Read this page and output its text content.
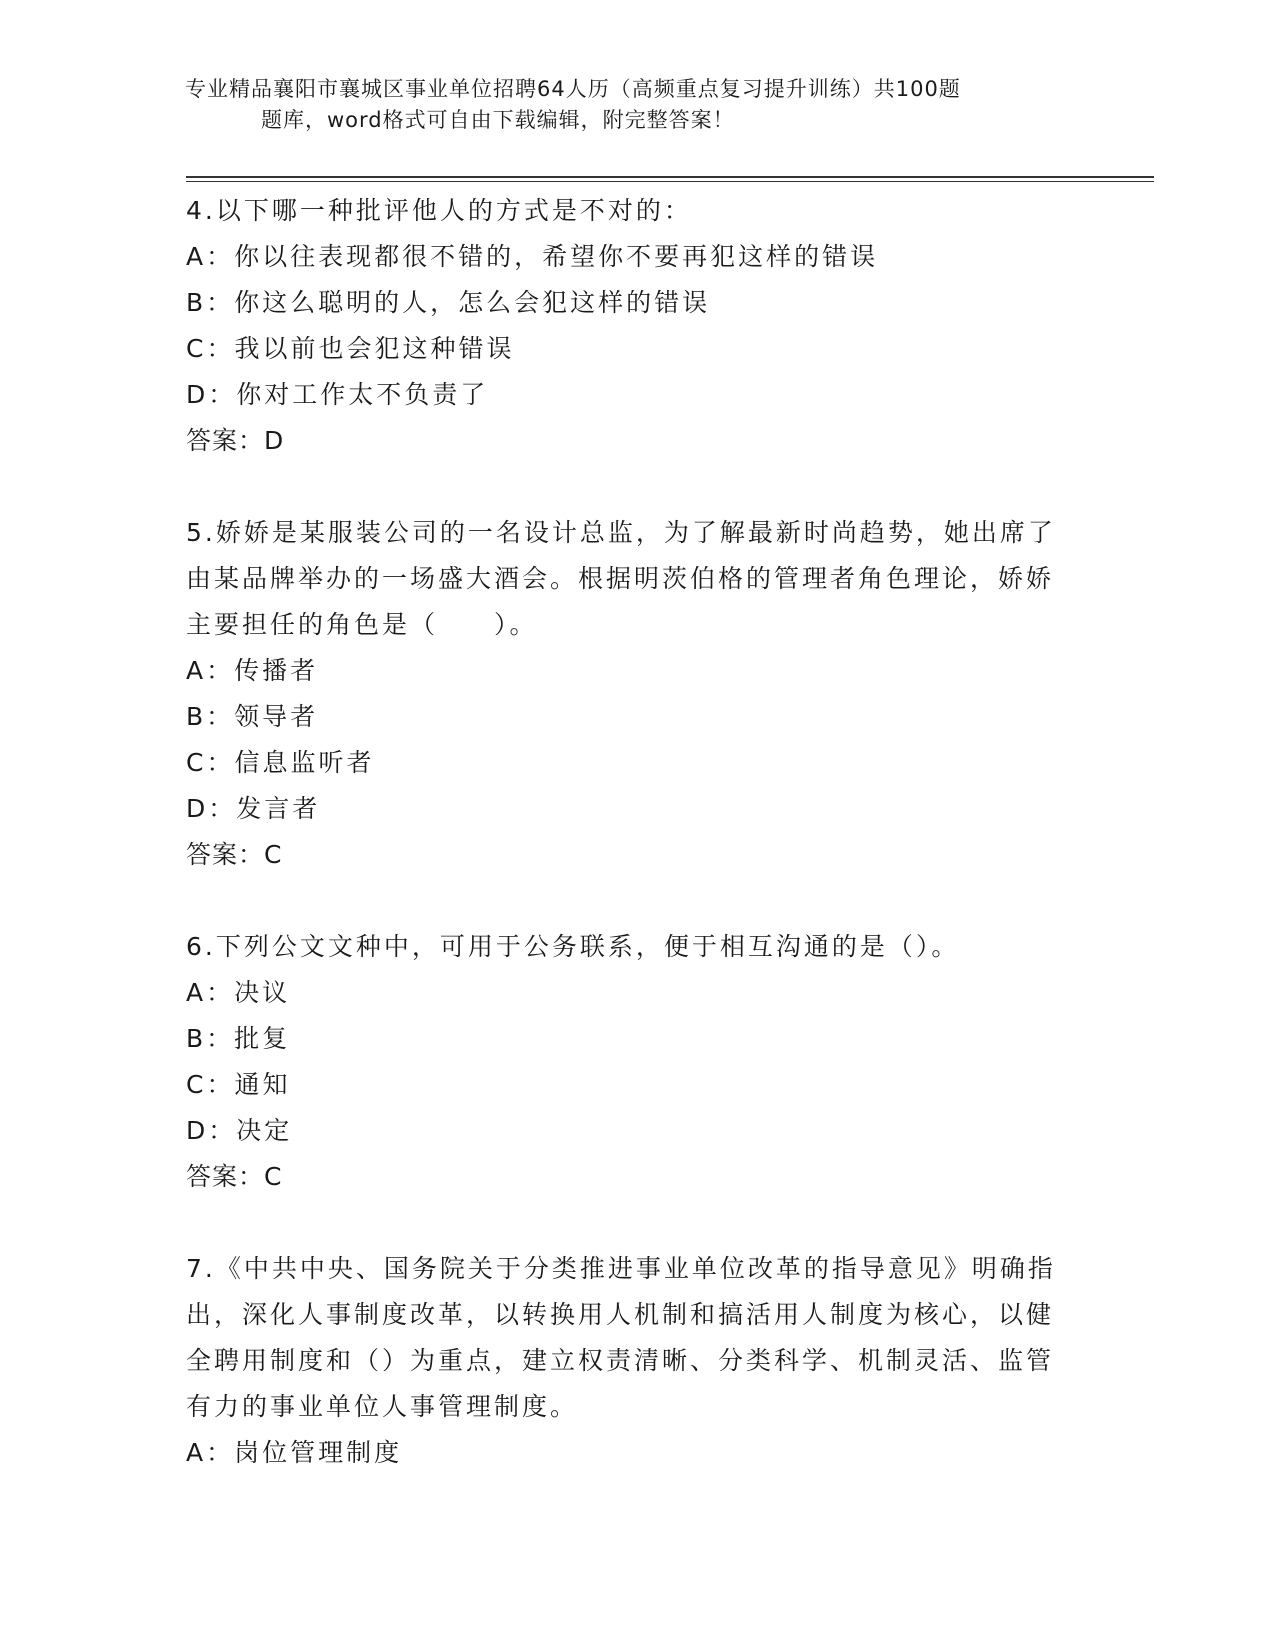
专业精品襄阳市襄城区事业单位招聘64人历（高频重点复习提升训练）共100题
题库，word格式可自由下载编辑，附完整答案！

4.以下哪一种批评他人的方式是不对的：

A：你以往表现都很不错的，希望你不要再犯这样的错误

B：你这么聪明的人，怎么会犯这样的错误

C：我以前也会犯这种错误

D：你对工作太不负责了

答案：D

5.娇娇是某服装公司的一名设计总监，为了解最新时尚趋势，她出席了由某品牌举办的一场盛大酒会。根据明茨伯格的管理者角色理论，娇娇主要担任的角色是（　　）。

A：传播者

B：领导者

C：信息监听者

D：发言者

答案：C

6.下列公文文种中，可用于公务联系，便于相互沟通的是（）。

A：决议

B：批复

C：通知

D：决定

答案：C

7.《中共中央、国务院关于分类推进事业单位改革的指导意见》明确指出，深化人事制度改革，以转换用人机制和搞活用人制度为核心，以健全聘用制度和（）为重点，建立权责清晰、分类科学、机制灵活、监管有力的事业单位人事管理制度。

A：岗位管理制度
